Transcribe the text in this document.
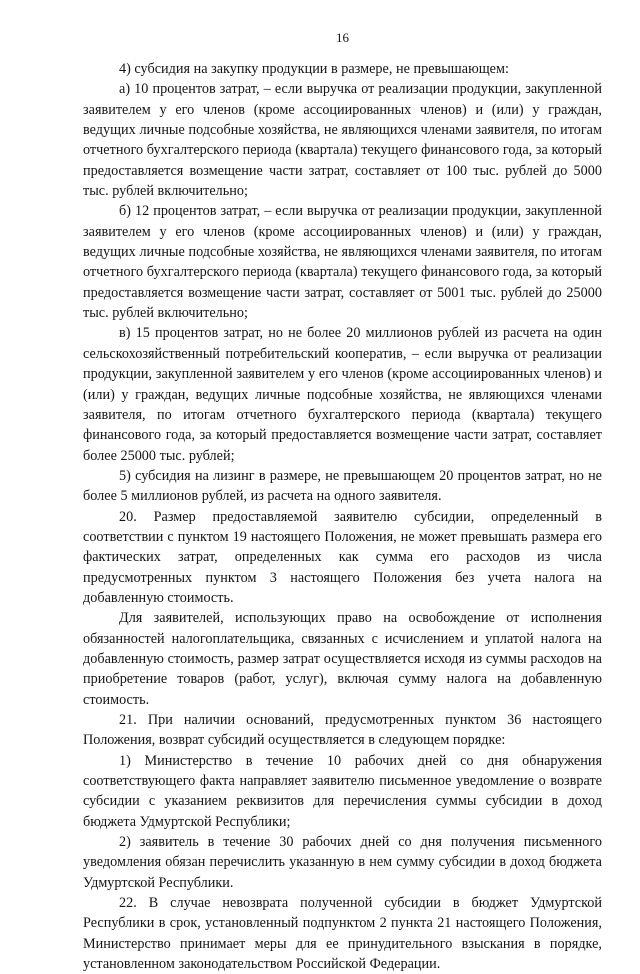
16

4) субсидия на закупку продукции в размере, не превышающем:

а) 10 процентов затрат, – если выручка от реализации продукции, закупленной заявителем у его членов (кроме ассоциированных членов) и (или) у граждан, ведущих личные подсобные хозяйства, не являющихся членами заявителя, по итогам отчетного бухгалтерского периода (квартала) текущего финансового года, за который предоставляется возмещение части затрат, составляет от 100 тыс. рублей до 5000 тыс. рублей включительно;

б) 12 процентов затрат, – если выручка от реализации продукции, закупленной заявителем у его членов (кроме ассоциированных членов) и (или) у граждан, ведущих личные подсобные хозяйства, не являющихся членами заявителя, по итогам отчетного бухгалтерского периода (квартала) текущего финансового года, за который предоставляется возмещение части затрат, составляет от 5001 тыс. рублей до 25000 тыс. рублей включительно;

в) 15 процентов затрат, но не более 20 миллионов рублей из расчета на один сельскохозяйственный потребительский кооператив, – если выручка от реализации продукции, закупленной заявителем у его членов (кроме ассоциированных членов) и (или) у граждан, ведущих личные подсобные хозяйства, не являющихся членами заявителя, по итогам отчетного бухгалтерского периода (квартала) текущего финансового года, за который предоставляется возмещение части затрат, составляет более 25000 тыс. рублей;

5) субсидия на лизинг в размере, не превышающем 20 процентов затрат, но не более 5 миллионов рублей, из расчета на одного заявителя.

20. Размер предоставляемой заявителю субсидии, определенный в соответствии с пунктом 19 настоящего Положения, не может превышать размера его фактических затрат, определенных как сумма его расходов из числа предусмотренных пунктом 3 настоящего Положения без учета налога на добавленную стоимость.

Для заявителей, использующих право на освобождение от исполнения обязанностей налогоплательщика, связанных с исчислением и уплатой налога на добавленную стоимость, размер затрат осуществляется исходя из суммы расходов на приобретение товаров (работ, услуг), включая сумму налога на добавленную стоимость.

21. При наличии оснований, предусмотренных пунктом 36 настоящего Положения, возврат субсидий осуществляется в следующем порядке:

1) Министерство в течение 10 рабочих дней со дня обнаружения соответствующего факта направляет заявителю письменное уведомление о возврате субсидии с указанием реквизитов для перечисления суммы субсидии в доход бюджета Удмуртской Республики;

2) заявитель в течение 30 рабочих дней со дня получения письменного уведомления обязан перечислить указанную в нем сумму субсидии в доход бюджета Удмуртской Республики.

22. В случае невозврата полученной субсидии в бюджет Удмуртской Республики в срок, установленный подпунктом 2 пункта 21 настоящего Положения, Министерство принимает меры для ее принудительного взыскания в порядке, установленном законодательством Российской Федерации.
